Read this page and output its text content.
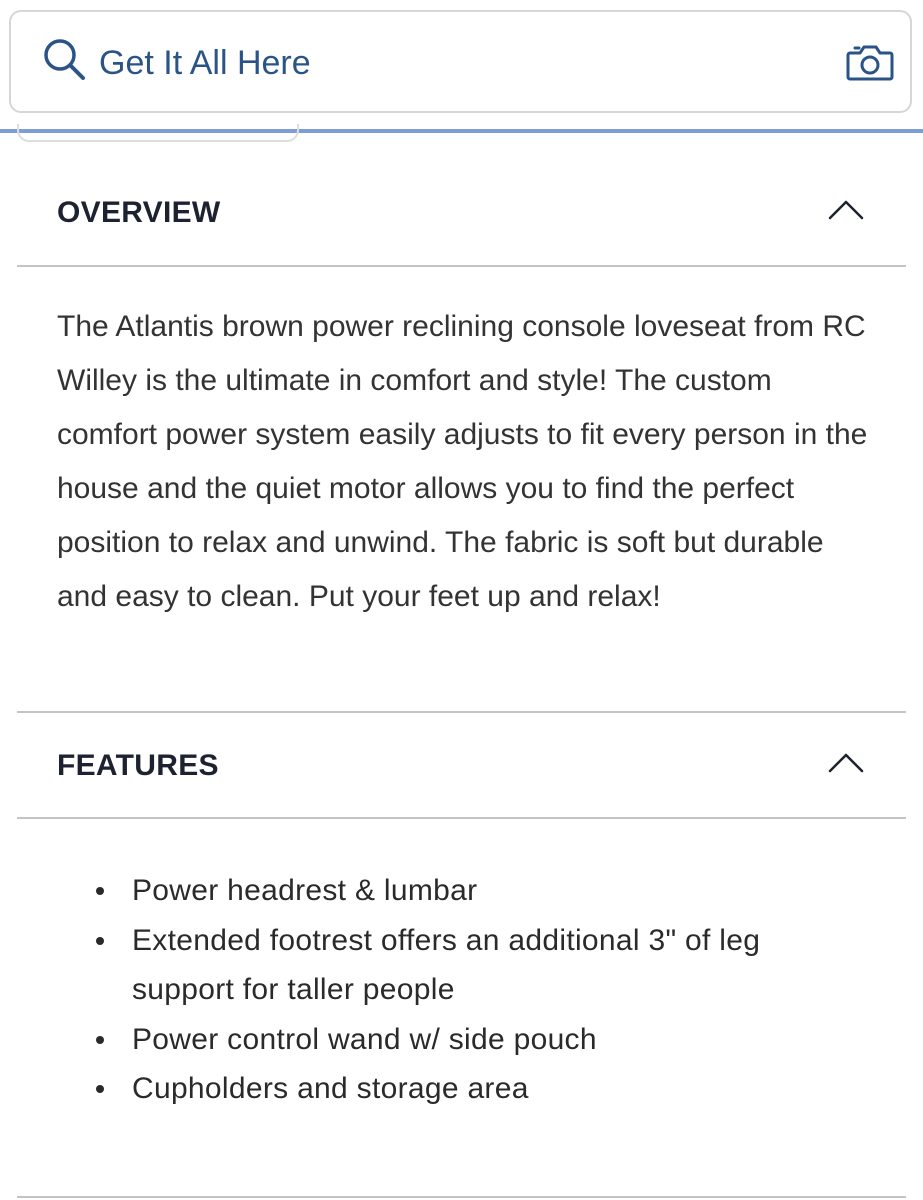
Get It All Here
OVERVIEW
The Atlantis brown power reclining console loveseat from RC Willey is the ultimate in comfort and style! The custom comfort power system easily adjusts to fit every person in the house and the quiet motor allows you to find the perfect position to relax and unwind. The fabric is soft but durable and easy to clean. Put your feet up and relax!
FEATURES
Power headrest & lumbar
Extended footrest offers an additional 3" of leg support for taller people
Power control wand w/ side pouch
Cupholders and storage area
